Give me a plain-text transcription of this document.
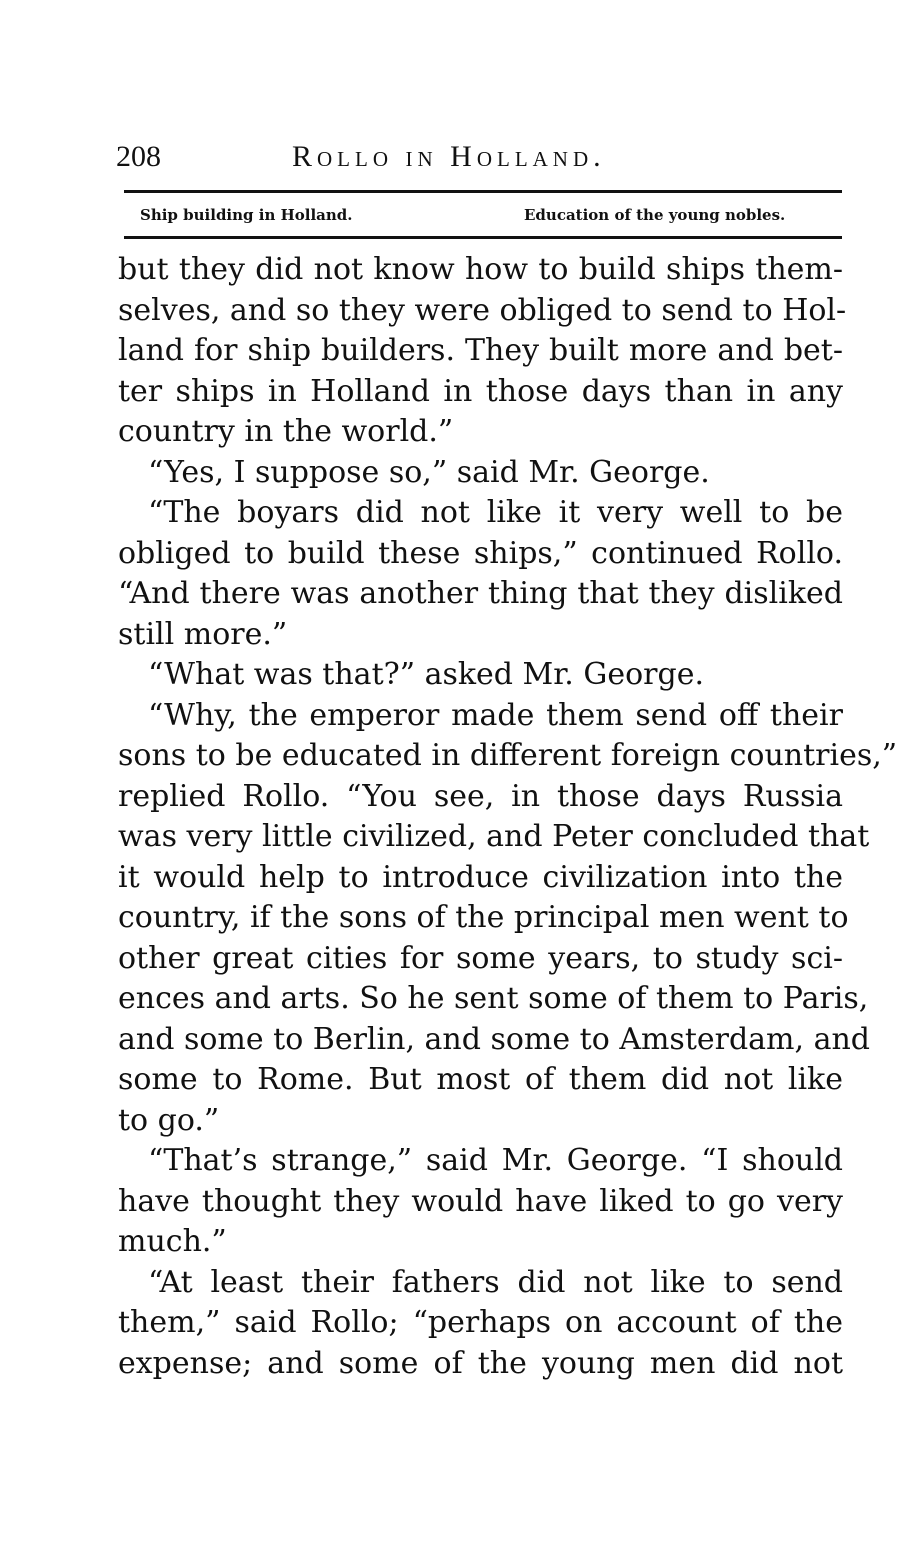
208	Rollo in Holland.
Ship building in Holland.	Education of the young nobles.
but they did not know how to build ships them-
selves, and so they were obliged to send to Hol-
land for ship builders. They built more and bet-
ter ships in Holland in those days than in any
country in the world.”
“Yes, I suppose so,” said Mr. George.
“The boyars did not like it very well to be
obliged to build these ships,” continued Rollo.
“And there was another thing that they disliked
still more.”
“What was that?” asked Mr. George.
“Why, the emperor made them send off their
sons to be educated in different foreign countries,”
replied Rollo. “You see, in those days Russia
was very little civilized, and Peter concluded that
it would help to introduce civilization into the
country, if the sons of the principal men went to
other great cities for some years, to study sci-
ences and arts. So he sent some of them to Paris,
and some to Berlin, and some to Amsterdam, and
some to Rome. But most of them did not like
to go.”
“That’s strange,” said Mr. George. “I should
have thought they would have liked to go very
much.”
“At least their fathers did not like to send
them,” said Rollo; “perhaps on account of the
expense; and some of the young men did not
